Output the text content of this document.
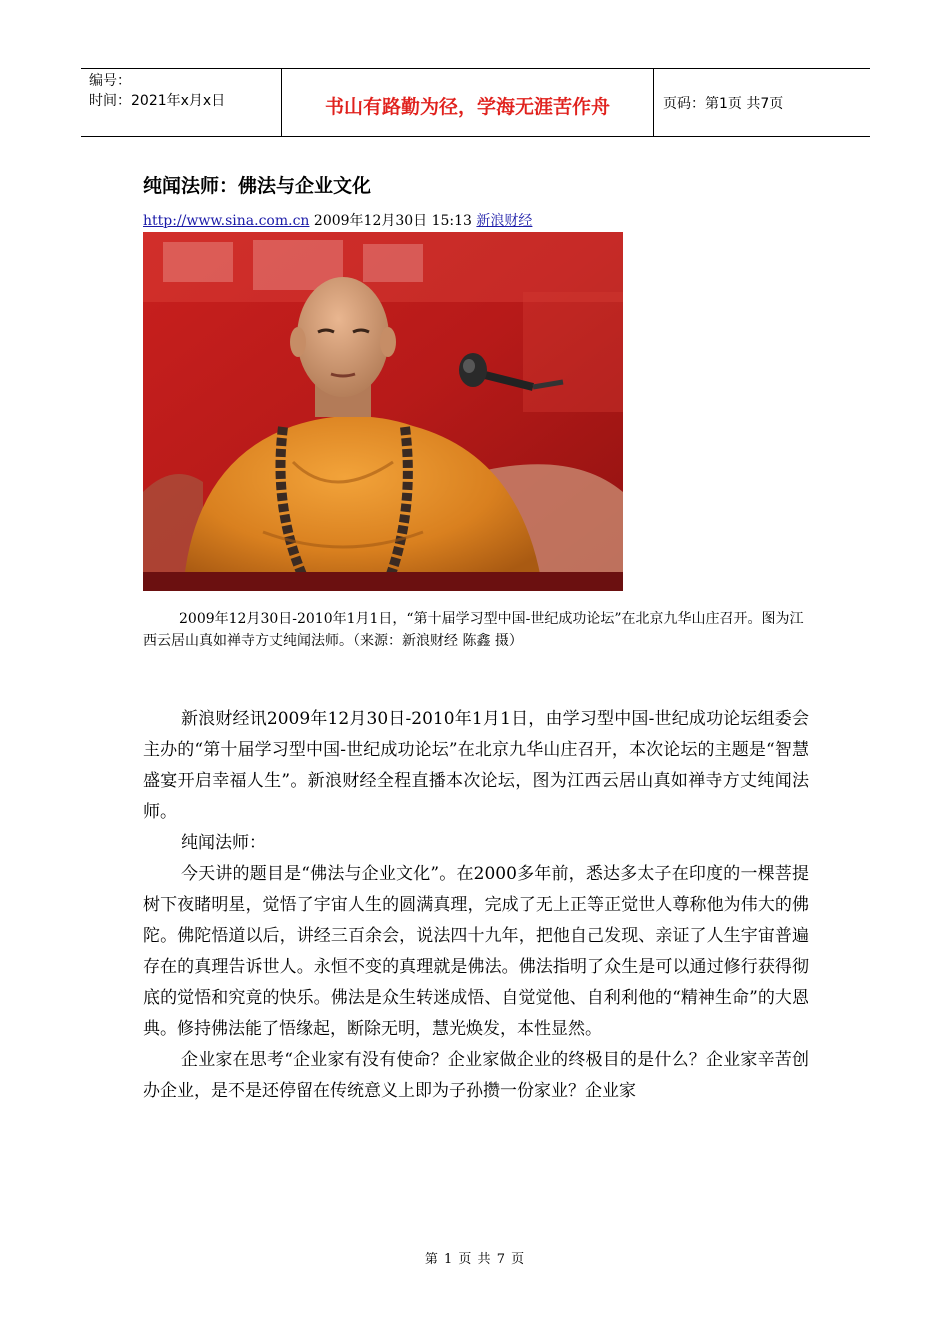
编号：
时间：2021年x月x日	书山有路勤为径，学海无涯苦作舟	页码：第1页 共7页
纯闻法师：佛法与企业文化
http://www.sina.com.cn 2009年12月30日 15:13 新浪财经
2009年12月30日-2010年1月1日，“第十届学习型中国-世纪成功论坛”在北京九华山庄召开。图为江西云居山真如禅寺方丈纯闻法师。（来源：新浪财经 陈鑫 摄）

新浪财经讯2009年12月30日-2010年1月1日，由学习型中国-世纪成功论坛组委会主办的“第十届学习型中国-世纪成功论坛”在北京九华山庄召开，本次论坛的主题是“智慧盛宴开启幸福人生”。新浪财经全程直播本次论坛，图为江西云居山真如禅寺方丈纯闻法师。

纯闻法师：

今天讲的题目是“佛法与企业文化”。在2000多年前，悉达多太子在印度的一棵菩提树下夜睹明星，觉悟了宇宙人生的圆满真理，完成了无上正等正觉世人尊称他为伟大的佛陀。佛陀悟道以后，讲经三百余会，说法四十九年，把他自己发现、亲证了人生宇宙普遍存在的真理告诉世人。永恒不变的真理就是佛法。佛法指明了众生是可以通过修行获得彻底的觉悟和究竟的快乐。佛法是众生转迷成悟、自觉觉他、自利利他的“精神生命”的大恩典。修持佛法能了悟缘起，断除无明，慧光焕发，本性显然。

企业家在思考“企业家有没有使命？企业家做企业的终极目的是什么？企业家辛苦创办企业，是不是还停留在传统意义上即为子孙攒一份家业？企业家

第 1 页 共 7 页
